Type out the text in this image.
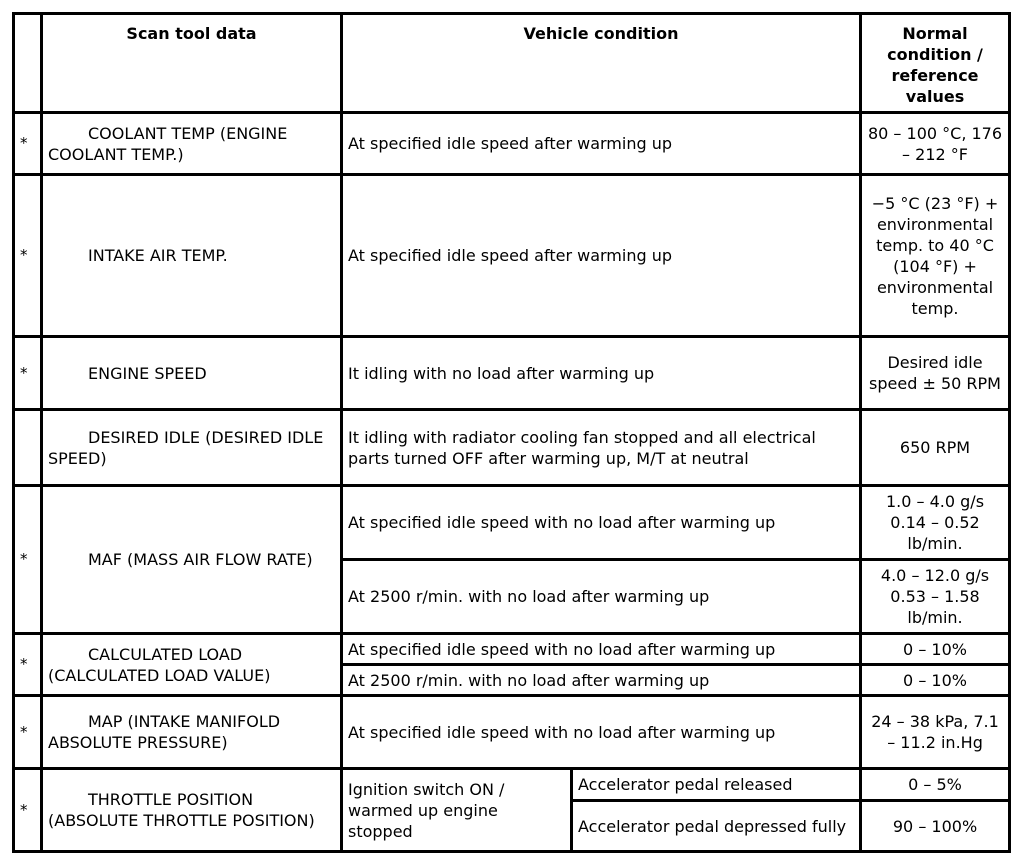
	Scan tool data	Vehicle condition		Normal condition / reference values
*	COOLANT TEMP (ENGINE COOLANT TEMP.)	At specified idle speed after warming up		80 – 100 °C, 176 – 212 °F
*	INTAKE AIR TEMP.	At specified idle speed after warming up		−5 °C (23 °F) + environmental temp. to 40 °C (104 °F) + environmental temp.
*	ENGINE SPEED	It idling with no load after warming up		Desired idle speed ± 50 RPM
	DESIRED IDLE (DESIRED IDLE SPEED)	It idling with radiator cooling fan stopped and all electrical parts turned OFF after warming up, M/T at neutral		650 RPM
*	MAF (MASS AIR FLOW RATE)	At specified idle speed with no load after warming up		1.0 – 4.0 g/s 0.14 – 0.52 lb/min.
		At 2500 r/min. with no load after warming up		4.0 – 12.0 g/s 0.53 – 1.58 lb/min.
*	CALCULATED LOAD (CALCULATED LOAD VALUE)	At specified idle speed with no load after warming up		0 – 10%
		At 2500 r/min. with no load after warming up		0 – 10%
*	MAP (INTAKE MANIFOLD ABSOLUTE PRESSURE)	At specified idle speed with no load after warming up		24 – 38 kPa, 7.1 – 11.2 in.Hg
*	THROTTLE POSITION (ABSOLUTE THROTTLE POSITION)	Ignition switch ON / warmed up engine stopped	Accelerator pedal released	0 – 5%
			Accelerator pedal depressed fully	90 – 100%
